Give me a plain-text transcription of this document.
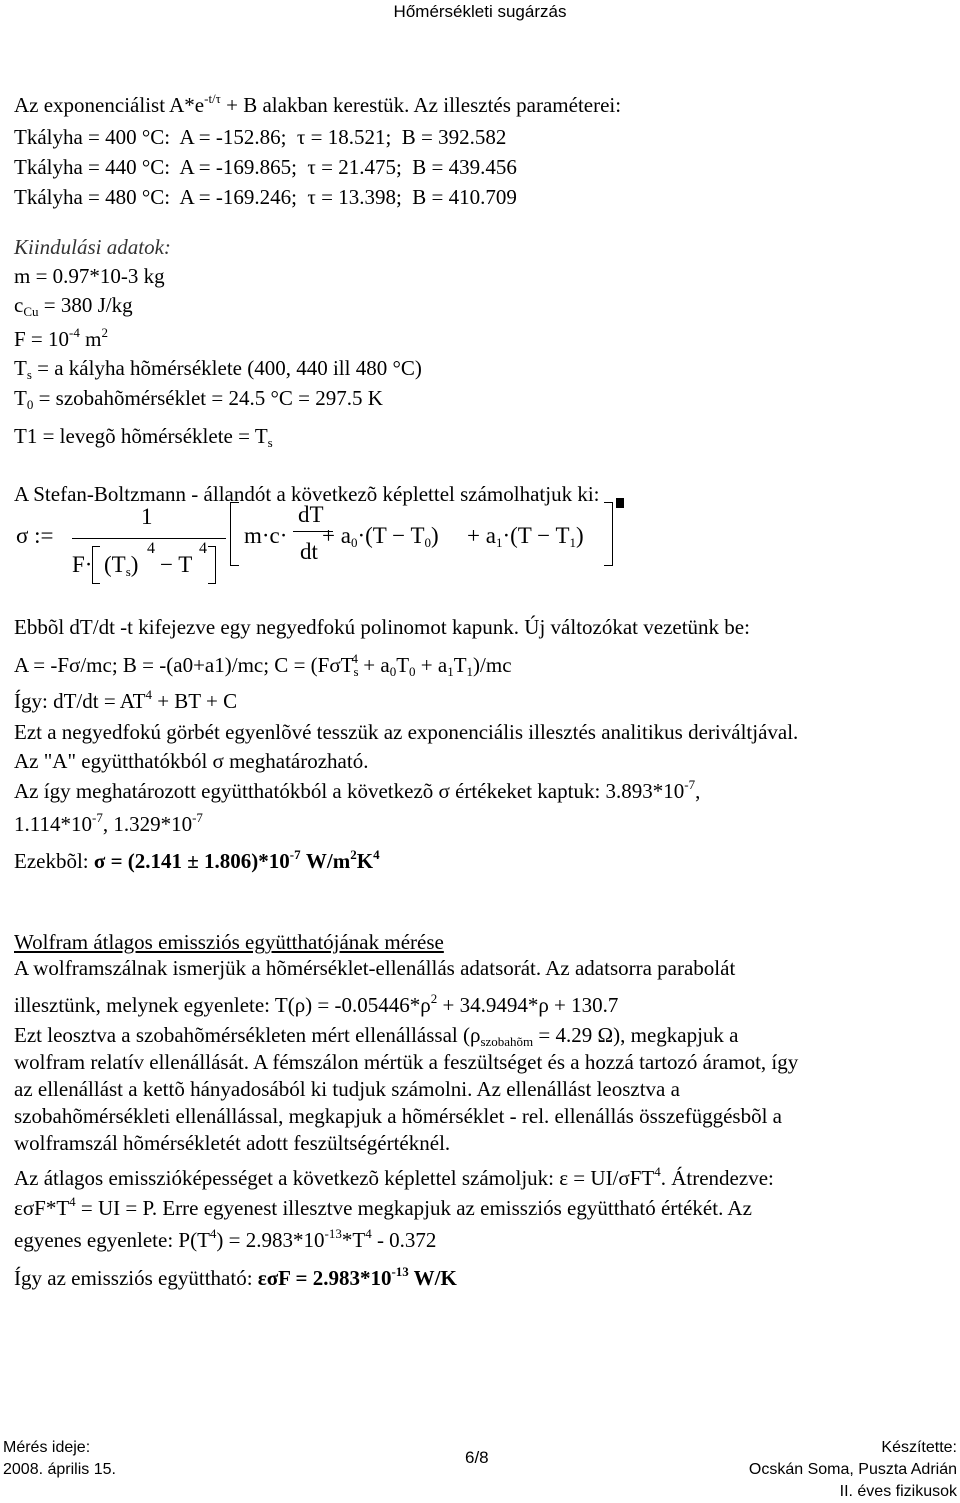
Hőmérsékleti sugárzás
Az exponenciálist $A*e^{-t/\tau} + B$ alakban kerestük. Az illesztés paraméterei:
Tkályha = 400 °C: A = -152.86; τ = 18.521; B = 392.582
Tkályha = 440 °C: A = -169.865; τ = 21.475; B = 439.456
Tkályha = 480 °C: A = -169.246; τ = 13.398; B = 410.709
Kiindulási adatok:
m = 0.97*10-3 kg
$c_{Cu} = 380$ J/kg
$F = 10^{-4}$ $m^2$
$T_s = a$ kályha hõmérséklete (400, 440 ill 480 °C)
$T_0$ = szobahõmérséklet = 24.5 °C = 297.5 K
T1 = levegõ hõmérséklete = $T_s$
A Stefan-Boltzmann - állandót a következõ képlettel számolhatjuk ki:
σ :=
1
$F\cdot (T_s)$
4
− T
4
m·c·
dT
dt
+ $a_0\cdot(T - T_0) + a_1\cdot(T - T_1)$
Ebbõl dT/dt -t kifejezve egy negyedfokú polinomot kapunk. Új változókat vezetünk be:
A = -Fσ/mc; B = -(a0+a1)/mc; $C = (F\sigma T_s^4 + a_0T_0 + a_1T_1)/mc$
Így: $dT/dt = AT^4$ + BT + C
Ezt a negyedfokú görbét egyenlõvé tesszük az exponenciális illesztés analitikus deriváltjával.
Az "A" együtthatókból σ meghatározható.
Az így meghatározott együtthatókból a következõ σ értékeket kaptuk: $3.893*10^{-7}$,
$1.114*10^{-7}$, $1.329*10^{-7}$
Ezekbõl: $\sigma = (2.141 \pm 1.806)*10^{-7}$ $W/m^2K^4$
Wolfram átlagos emissziós együtthatójának mérése
A wolframszálnak ismerjük a hõmérséklet-ellenállás adatsorát. Az adatsorra parabolát
illesztünk, melynek egyenlete: $T(\rho) = -0.05446*\rho^2 + 34.9494*\rho + 130.7$
Ezt leosztva a szobahõmérsékleten mért ellenállással ($\rho_{szobahõm} = 4.29$ Ω), megkapjuk a
wolfram relatív ellenállását. A fémszálon mértük a feszültséget és a hozzá tartozó áramot, így
az ellenállást a kettõ hányadosából ki tudjuk számolni. Az ellenállást leosztva a
szobahõmérsékleti ellenállással, megkapjuk a hõmérséklet - rel. ellenállás összefüggésbõl a
wolframszál hõmérsékletét adott feszültségértéknél.
Az átlagos emisszióképességet a következõ képlettel számoljuk: ε = UI/σFT$^4$. Átrendezve:
$\varepsilon\sigma F*T^4$ = UI = P. Erre egyenest illesztve megkapjuk az emissziós együttható értékét. Az
egyenes egyenlete: $P(T^4) = 2.983*10^{-13}*T^4 - 0.372$
Így az emissziós együttható: $\varepsilon\sigma F = 2.983*10^{-13}$ W/K
Mérés ideje:
2008. április 15.
6/8
Készítette:
Ocskán Soma, Puszta Adrián
II. éves fizikusok
